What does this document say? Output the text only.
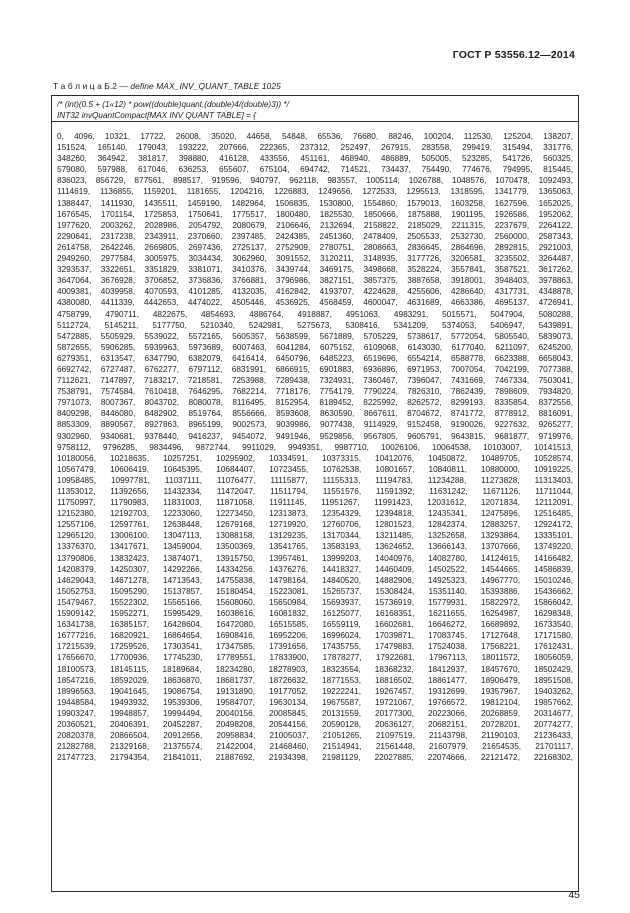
ГОСТ Р 53556.12—2014
Т а б л и ц а Б.2 — define MAX_INV_QUANT_TABLE 1025
/* (int)(0.5 + (1«12) * pow((double)quant,(double)4/(double)3)) */
INT32 invQuantCompact[MAX INV QUANT TABLE] = {
0, 4096, 10321, 17722, 26008, 35020, 44658, 54848, 65536, 76680, 88246, 100204, 112530, 125204, 138207,
151524, 165140, 179043, 193222, 207666, 222365, 237312, 252497, 267915, 283558, 299419, 315494, 331776,
348260, 364942, 381817, 398880, 416128, 433556, 451161, 468940, 486889, 505005, 523285, 541726, 560325,
579080, 597988, 617046, 636253, 655607, 675104, 694742, 714521, 734437, 754490, 774676, 794995, 815445,
836023, 856729, 877561, 898517, 919596, 940797, 962118, 983557, 1005114, 1026788, 1048576, 1070478, 1092493,
1114619, 1136855, 1159201, 1181655, 1204216, 1226883, 1249656, 1272533, 1295513, 1318595, 1341779, 1365063,
1388447, 1411930, 1435511, 1459190, 1482964, 1506835, 1530800, 1554860, 1579013, 1603258, 1627596, 1652025,
1676545, 1701154, 1725853, 1750641, 1775517, 1800480, 1825530, 1850666, 1875888, 1901195, 1926586, 1952062,
1977620, 2003262, 2028986, 2054792, 2080679, 2106646, 2132694, 2158822, 2185029, 2211315, 2237679, 2264122,
2290641, 2317238, 2343911, 2370660, 2397485, 2424385, 2451360, 2478409, 2505533, 2532730, 2560000, 2587343,
2614758, 2642246, 2669805, 2697436, 2725137, 2752909, 2780751, 2808663, 2836645, 2864696, 2892815, 2921003,
2949260, 2977584, 3005975, 3034434, 3062960, 3091552, 3120211, 3148935, 3177726, 3206581, 3235502, 3264487,
3293537, 3322651, 3351829, 3381071, 3410376, 3439744, 3469175, 3498668, 3528224, 3557841, 3587521, 3617262,
3647064, 3676928, 3706852, 3736836, 3766881, 3796986, 3827151, 3857375, 3887658, 3918001, 3948403, 3978863,
4009381, 4039958, 4070593, 4101285, 4132035, 4162842, 4193707, 4224628, 4255606, 4286640, 4317731, 4348878,
4380080, 4411339, 4442653, 4474022, 4505446, 4536925, 4568459, 4600047, 4631689, 4663386, 4695137, 4726941,
4758799, 4790711, 4822675, 4854693, 4886764, 4918887, 4951063, 4983291, 5015571, 5047904, 5080288,
5112724, 5145211, 5177750, 5210340, 5242981, 5275673, 5308416, 5341209, 5374053, 5406947, 5439891,
5472885, 5505929, 5539022, 5572165, 5605357, 5638599, 5671889, 5705229, 5738617, 5772054, 5805540, 5839073,
5872655, 5906285, 5939963, 5973689, 6007463, 6041284, 6075152, 6109068, 6143030, 6177040, 6211097, 6245200,
6279351, 6313547, 6347790, 6382079, 6416414, 6450796, 6485223, 6519696, 6554214, 6588778, 6623388, 6658043,
6692742, 6727487, 6762277, 6797112, 6831991, 6866915, 6901883, 6936896, 6971953, 7007054, 7042199, 7077388,
7112621, 7147897, 7183217, 7218581, 7253988, 7289438, 7324931, 7360467, 7396047, 7431669, 7467334, 7503041,
7538791, 7574584, 7610418, 7646295, 7682214, 7718176, 7754179, 7790224, 7826310, 7862439, 7898609, 7934820,
7971073, 8007367, 8043702, 8080078, 8116495, 8152954, 8189452, 8225992, 8262572, 8299193, 8335854, 8372556,
8409298, 8446080, 8482902, 8519764, 8556666, 8593608, 8630590, 8667611, 8704672, 8741772, 8778912, 8816091,
8853309, 8890567, 8927863, 8965199, 9002573, 9039986, 9077438, 9114929, 9152458, 9190026, 9227632, 9265277,
9302960, 9340681, 9378440, 9416237, 9454072, 9491946, 9529856, 9567805, 9605791, 9643815, 9681877, 9719976,
9758112, 9796285, 9834496, 9872744, 9911029, 9949351, 9987710, 10026106, 10064538, 10103007, 10141513,
10180056, 10218635, 10257251, 10295902, 10334591, 10373315, 10412076, 10450872, 10489705, 10528574,
10567479, 10606419, 10645395, 10684407, 10723455, 10762538, 10801657, 10840811, 10880000, 10919225,
10958485, 10997781, 11037111, 11076477, 11115877, 11155313, 11194783, 11234288, 11273828, 11313403,
11353012, 11392656, 11432334, 11472047, 11511794, 11551576, 11591392, 11631242, 11671126, 11711044,
11750997, 11790983, 11831003, 11871058, 11911145, 11951267, 11991423, 12031612, 12071834, 12112091,
12152380, 12192703, 12233060, 12273450, 12313873, 12354329, 12394818, 12435341, 12475896, 12516485,
12557106, 12597761, 12638448, 12679168, 12719920, 12760706, 12801523, 12842374, 12883257, 12924172,
12965120, 13006100, 13047113, 13088158, 13129235, 13170344, 13211485, 13252658, 13293864, 13335101,
13376370, 13417671, 13459004, 13500369, 13541765, 13583193, 13624652, 13666143, 13707666, 13749220,
13790806, 13832423, 13874071, 13915750, 13957461, 13999203, 14040976, 14082780, 14124615, 14166482,
14208379, 14250307, 14292266, 14334256, 14376276, 14418327, 14460409, 14502522, 14544665, 14586839,
14629043, 14671278, 14713543, 14755838, 14798164, 14840520, 14882906, 14925323, 14967770, 15010246,
15052753, 15095290, 15137857, 15180454, 15223081, 15265737, 15308424, 15351140, 15393886, 15436662,
15479467, 15522302, 15565166, 15608060, 15650984, 15693937, 15736919, 15779931, 15822972, 15866042,
15909142, 15952271, 15995429, 16038616, 16081832, 16125077, 16168351, 16211655, 16254987, 16298348,
16341738, 16385157, 16428604, 16472080, 16515585, 16559119, 16602681, 16646272, 16689892, 16733540,
16777216, 16820921, 16864654, 16908416, 16952206, 16996024, 17039871, 17083745, 17127648, 17171580,
17215539, 17259526, 17303541, 17347585, 17391656, 17435755, 17479883, 17524038, 17568221, 17612431,
17656670, 17700936, 17745230, 17789551, 17833900, 17878277, 17922681, 17967113, 18011572, 18056059,
18100573, 18145115, 18189684, 18234280, 18278903, 18323554, 18368232, 18412937, 18457670, 18502429,
18547216, 18592029, 18636870, 18681737, 18726632, 18771553, 18816502, 18861477, 18906479, 18951508,
18996563, 19041645, 19086754, 19131890, 19177052, 19222241, 19267457, 19312699, 19357967, 19403262,
19448584, 19493932, 19539306, 19584707, 19630134, 19675587, 19721067, 19766572, 19812104, 19857662,
19903247, 19948857, 19994494, 20040156, 20085845, 20131559, 20177300, 20223066, 20268859, 20314677,
20360521, 20406391, 20452287, 20498208, 20544156, 20590128, 20636127, 20682151, 20728201, 20774277,
20820378, 20866504, 20912656, 20958834, 21005037, 21051265, 21097519, 21143798, 21190103, 21236433,
21282788, 21329168, 21375574, 21422004, 21468460, 21514941, 21561448, 21607979, 21654535, 21701117,
21747723, 21794354, 21841011, 21887692, 21934398, 21981129, 22027885, 22074666, 22121472, 22168302,
45
